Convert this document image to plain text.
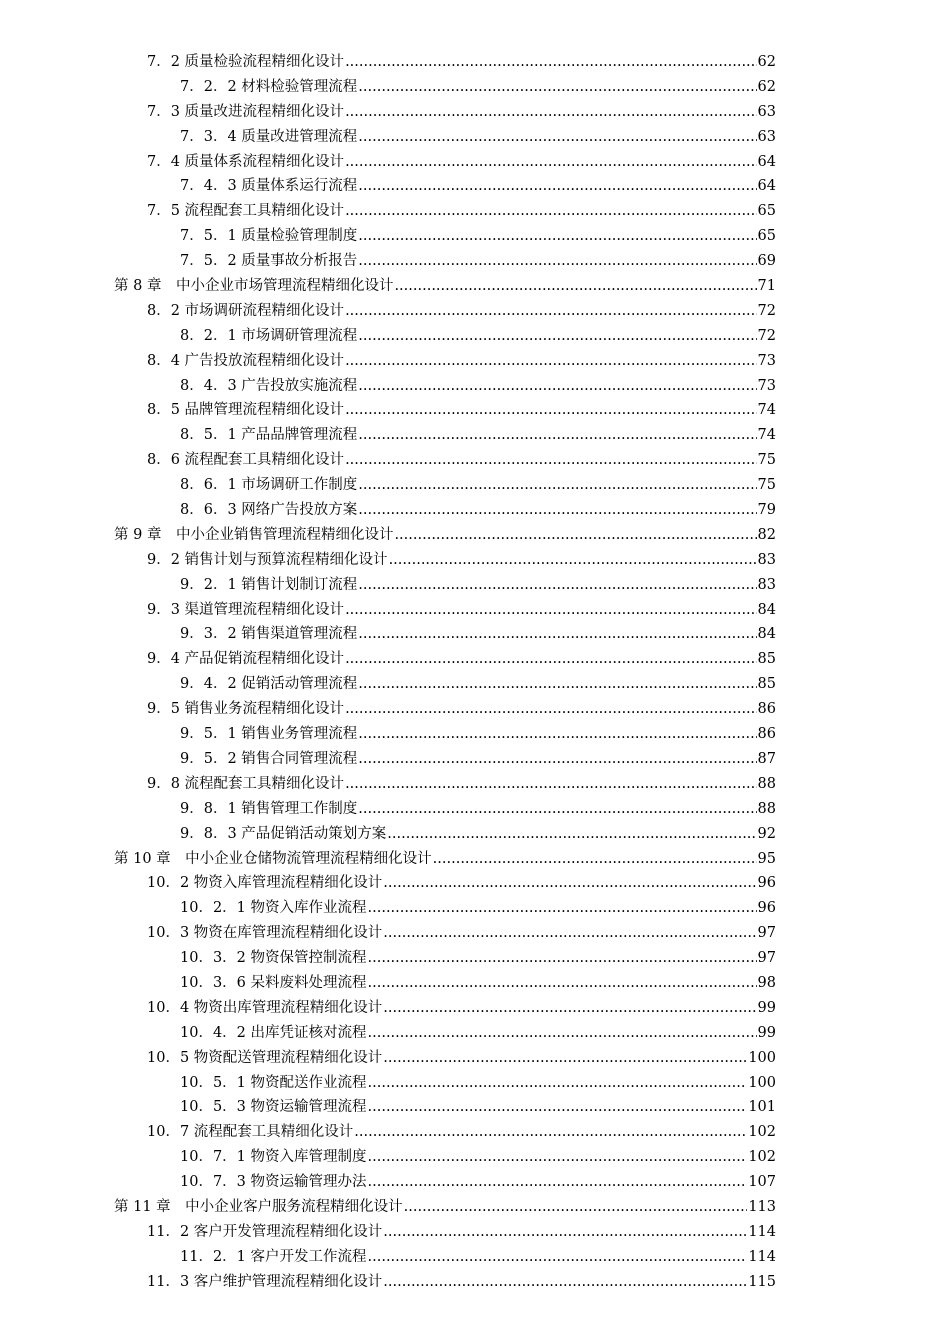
7．2 质量检验流程精细化设计 .....	62
7．2．2 材料检验管理流程 .....	62
7．3 质量改进流程精细化设计 .....	63
7．3．4 质量改进管理流程 .....	63
7．4 质量体系流程精细化设计 .....	64
7．4．3 质量体系运行流程 .....	64
7．5 流程配套工具精细化设计 .....	65
7．5．1 质量检验管理制度 .....	65
7．5．2 质量事故分析报告 .....	69
第 8 章　中小企业市场管理流程精细化设计 .....	71
8．2 市场调研流程精细化设计 .....	72
8．2．1 市场调研管理流程 .....	72
8．4 广告投放流程精细化设计 .....	73
8．4．3 广告投放实施流程 .....	73
8．5 品牌管理流程精细化设计 .....	74
8．5．1 产品品牌管理流程 .....	74
8．6 流程配套工具精细化设计 .....	75
8．6．1 市场调研工作制度 .....	75
8．6．3 网络广告投放方案 .....	79
第 9 章　中小企业销售管理流程精细化设计 .....	82
9．2 销售计划与预算流程精细化设计 .....	83
9．2．1 销售计划制订流程 .....	83
9．3 渠道管理流程精细化设计 .....	84
9．3．2 销售渠道管理流程 .....	84
9．4 产品促销流程精细化设计 .....	85
9．4．2 促销活动管理流程 .....	85
9．5 销售业务流程精细化设计 .....	86
9．5．1 销售业务管理流程 .....	86
9．5．2 销售合同管理流程 .....	87
9．8 流程配套工具精细化设计 .....	88
9．8．1 销售管理工作制度 .....	88
9．8．3 产品促销活动策划方案 .....	92
第 10 章　中小企业仓储物流管理流程精细化设计 .....	95
10．2 物资入库管理流程精细化设计 .....	96
10．2．1 物资入库作业流程 .....	96
10．3 物资在库管理流程精细化设计 .....	97
10．3．2 物资保管控制流程 .....	97
10．3．6 呆料废料处理流程 .....	98
10．4 物资出库管理流程精细化设计 .....	99
10．4．2 出库凭证核对流程 .....	99
10．5 物资配送管理流程精细化设计 .....	100
10．5．1 物资配送作业流程 .....	100
10．5．3 物资运输管理流程 .....	101
10．7 流程配套工具精细化设计 .....	102
10．7．1 物资入库管理制度 .....	102
10．7．3 物资运输管理办法 .....	107
第 11 章　中小企业客户服务流程精细化设计 .....	113
11．2 客户开发管理流程精细化设计 .....	114
11．2．1 客户开发工作流程 .....	114
11．3 客户维护管理流程精细化设计 .....	115
